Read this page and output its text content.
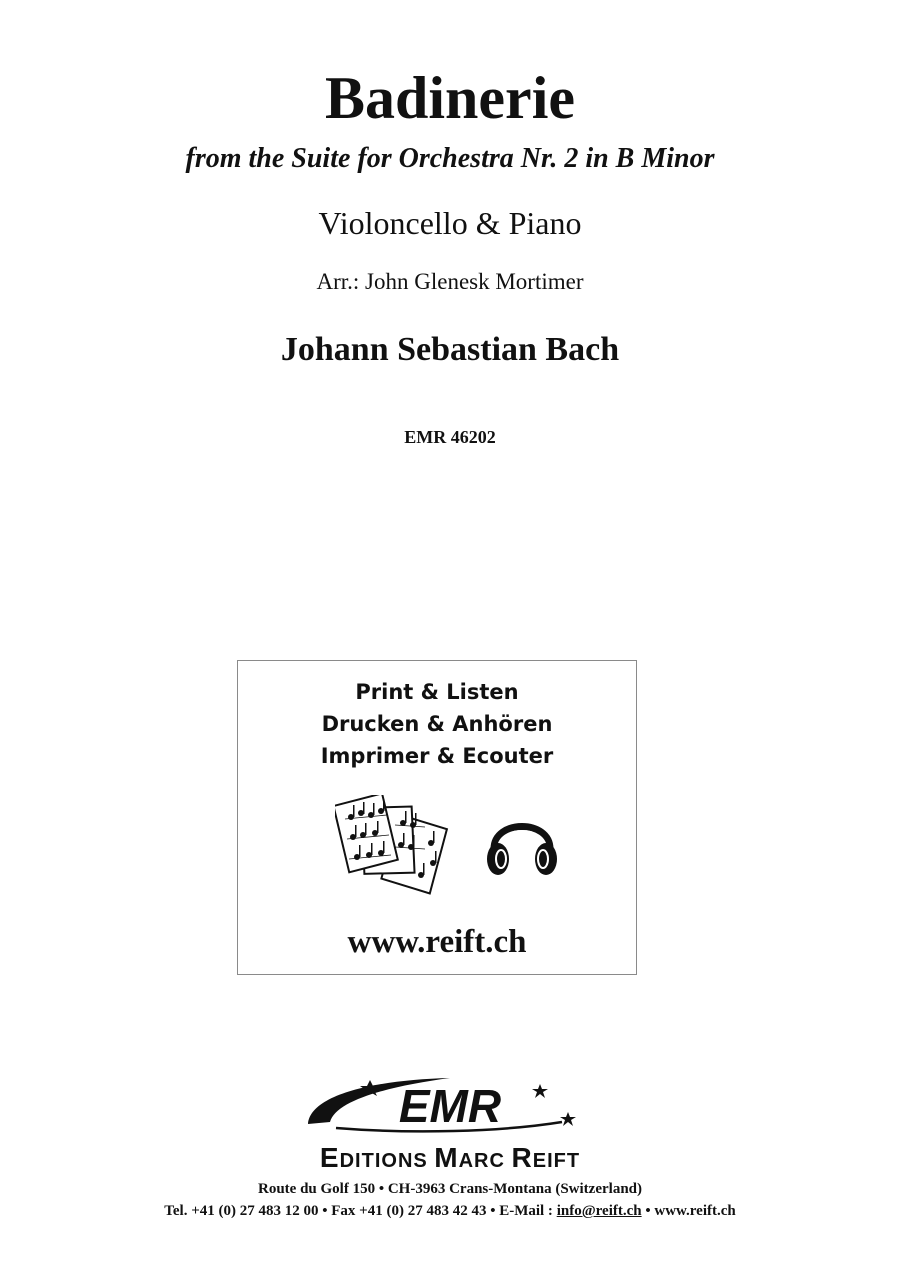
Badinerie
from the Suite for Orchestra Nr. 2 in B Minor
Violoncello & Piano
Arr.: John Glenesk Mortimer
Johann Sebastian Bach
EMR 46202
Print & Listen
Drucken & Anhören
Imprimer & Ecouter
www.reift.ch
EMR
EDITIONS MARC REIFT
Route du Golf 150 • CH-3963 Crans-Montana (Switzerland)
Tel. +41 (0) 27 483 12 00 • Fax +41 (0) 27 483 42 43 • E-Mail : info@reift.ch • www.reift.ch
